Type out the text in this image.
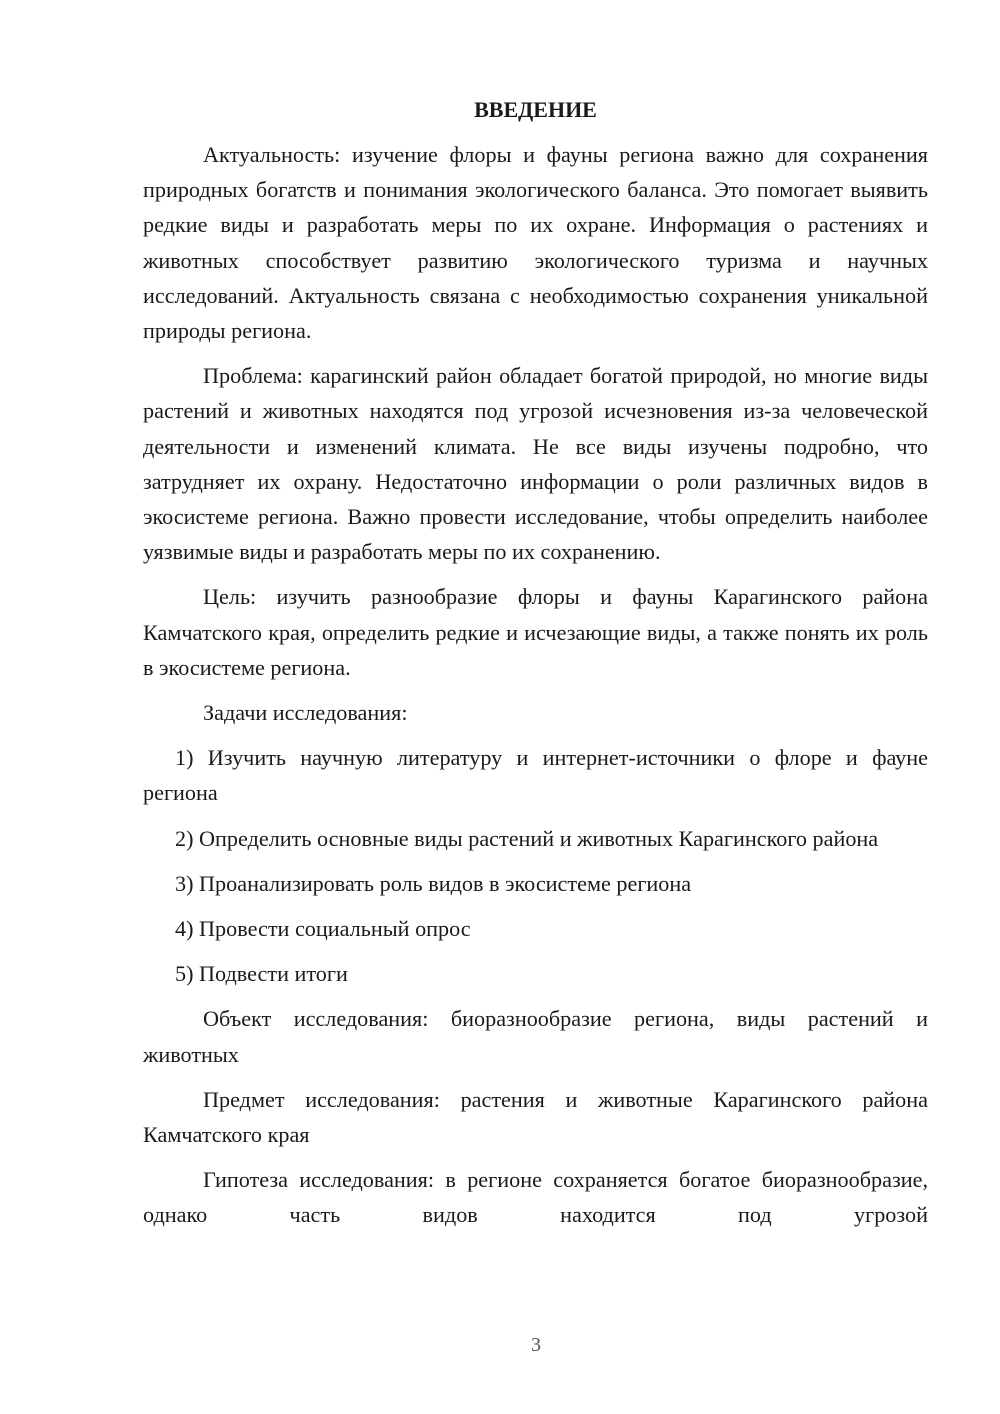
ВВЕДЕНИЕ

Актуальность: изучение флоры и фауны региона важно для сохранения природных богатств и понимания экологического баланса. Это помогает выявить редкие виды и разработать меры по их охране. Информация о растениях и животных способствует развитию экологического туризма и научных исследований. Актуальность связана с необходимостью сохранения уникальной природы региона.

Проблема: карагинский район обладает богатой природой, но многие виды растений и животных находятся под угрозой исчезновения из-за человеческой деятельности и изменений климата. Не все виды изучены подробно, что затрудняет их охрану. Недостаточно информации о роли различных видов в экосистеме региона. Важно провести исследование, чтобы определить наиболее уязвимые виды и разработать меры по их сохранению.

Цель: изучить разнообразие флоры и фауны Карагинского района Камчатского края, определить редкие и исчезающие виды, а также понять их роль в экосистеме региона.

Задачи исследования:

1) Изучить научную литературу и интернет-источники о флоре и фауне региона

2) Определить основные виды растений и животных Карагинского района

3) Проанализировать роль видов в экосистеме региона

4) Провести социальный опрос

5) Подвести итоги

Объект исследования: биоразнообразие региона, виды растений и животных

Предмет исследования: растения и животные Карагинского района Камчатского края

Гипотеза исследования: в регионе сохраняется богатое биоразнообразие, однако часть видов находится под угрозой

3
